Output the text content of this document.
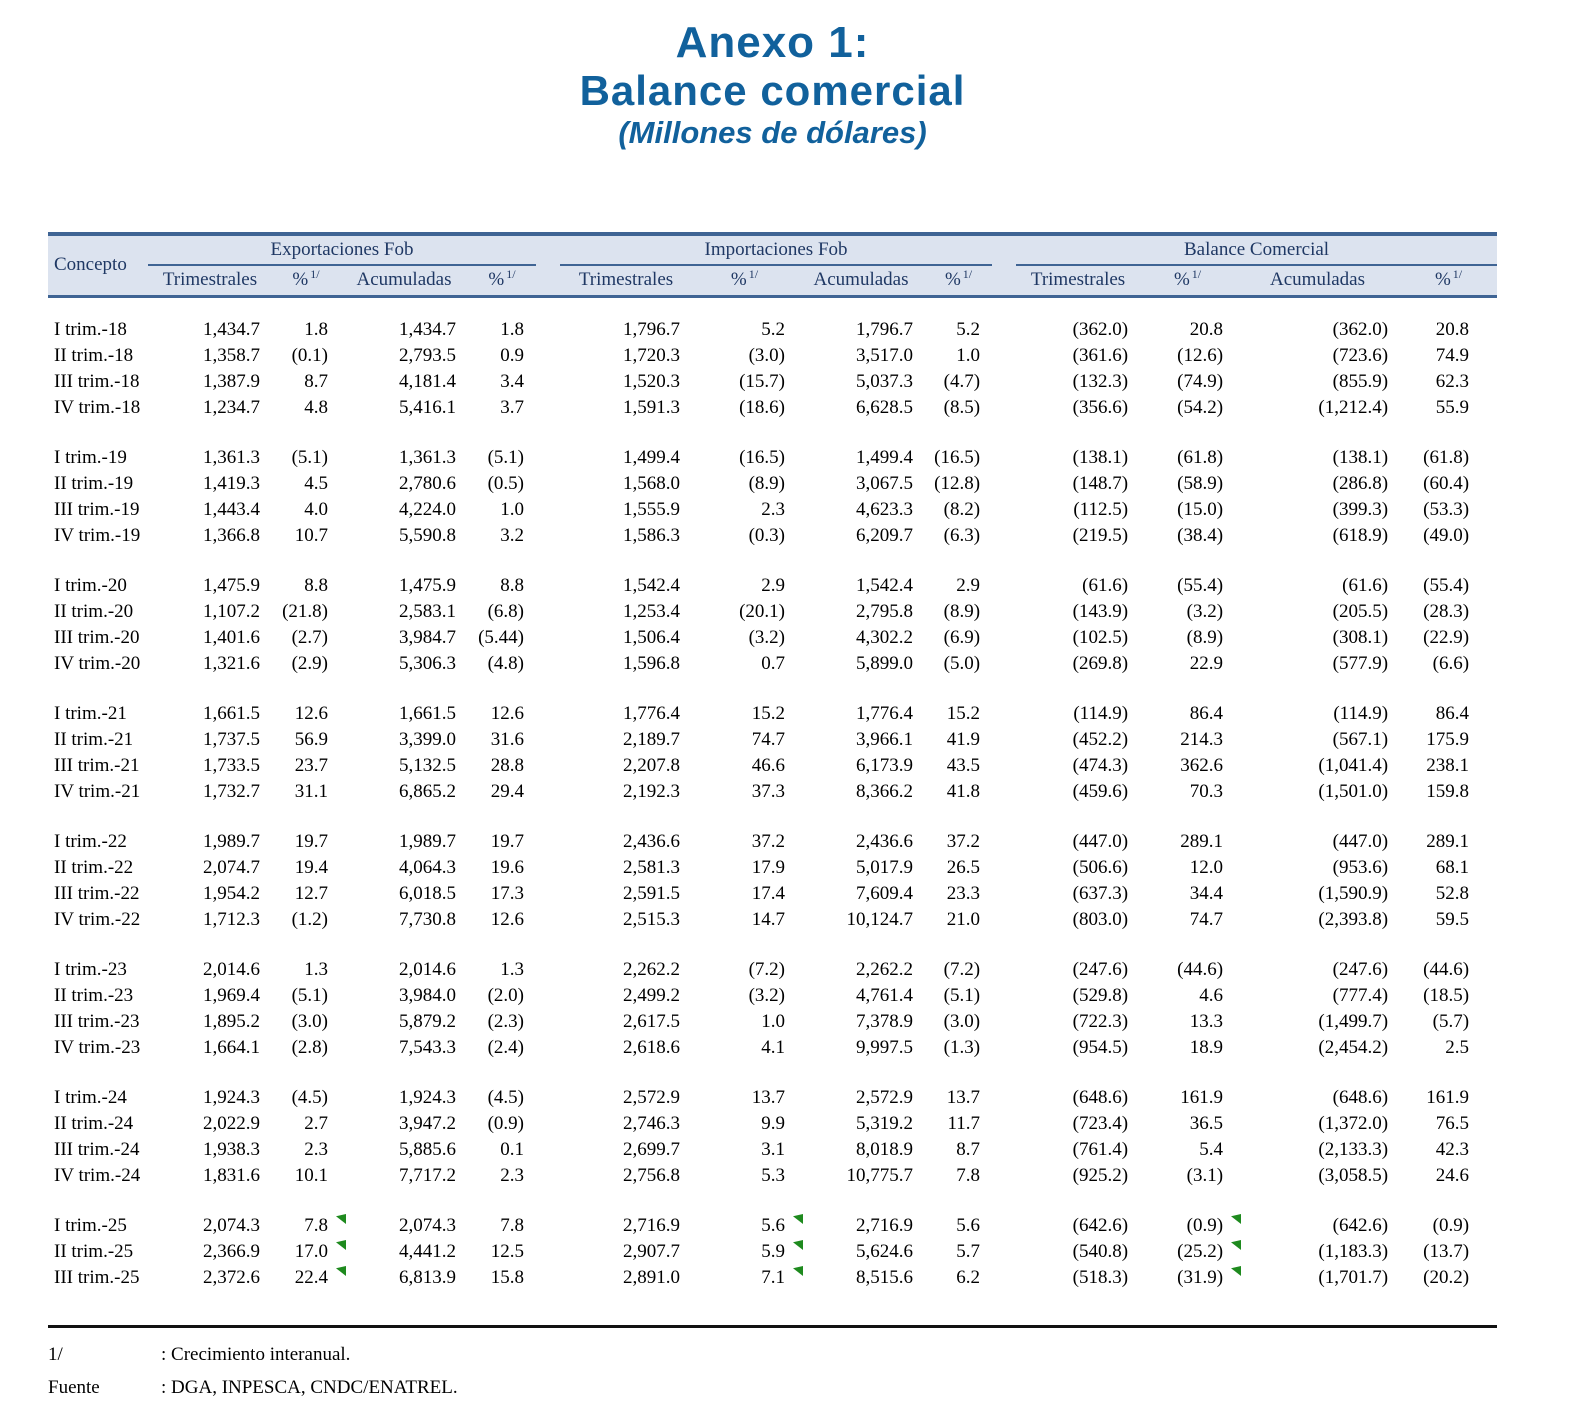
Anexo 1:
Balance comercial
(Millones de dólares)
Concepto	Exportaciones Fob					Importaciones Fob					Balance Comercial			
	Trimestrales	% $^{1/}$	Acumuladas	% $^{1/}$		Trimestrales	% $^{1/}$	Acumuladas	% $^{1/}$		Trimestrales	% $^{1/}$	Acumuladas	% $^{1/}$

I trim.-18	1,434.7	1.8	1,434.7	1.8		1,796.7	5.2	1,796.7	5.2		(362.0)	20.8	(362.0)	20.8
II trim.-18	1,358.7	(0.1)	2,793.5	0.9		1,720.3	(3.0)	3,517.0	1.0		(361.6)	(12.6)	(723.6)	74.9
III trim.-18	1,387.9	8.7	4,181.4	3.4		1,520.3	(15.7)	5,037.3	(4.7)		(132.3)	(74.9)	(855.9)	62.3
IV trim.-18	1,234.7	4.8	5,416.1	3.7		1,591.3	(18.6)	6,628.5	(8.5)		(356.6)	(54.2)	(1,212.4)	55.9

I trim.-19	1,361.3	(5.1)	1,361.3	(5.1)		1,499.4	(16.5)	1,499.4	(16.5)		(138.1)	(61.8)	(138.1)	(61.8)
II trim.-19	1,419.3	4.5	2,780.6	(0.5)		1,568.0	(8.9)	3,067.5	(12.8)		(148.7)	(58.9)	(286.8)	(60.4)
III trim.-19	1,443.4	4.0	4,224.0	1.0		1,555.9	2.3	4,623.3	(8.2)		(112.5)	(15.0)	(399.3)	(53.3)
IV trim.-19	1,366.8	10.7	5,590.8	3.2		1,586.3	(0.3)	6,209.7	(6.3)		(219.5)	(38.4)	(618.9)	(49.0)

I trim.-20	1,475.9	8.8	1,475.9	8.8		1,542.4	2.9	1,542.4	2.9		(61.6)	(55.4)	(61.6)	(55.4)
II trim.-20	1,107.2	(21.8)	2,583.1	(6.8)		1,253.4	(20.1)	2,795.8	(8.9)		(143.9)	(3.2)	(205.5)	(28.3)
III trim.-20	1,401.6	(2.7)	3,984.7	(5.44)		1,506.4	(3.2)	4,302.2	(6.9)		(102.5)	(8.9)	(308.1)	(22.9)
IV trim.-20	1,321.6	(2.9)	5,306.3	(4.8)		1,596.8	0.7	5,899.0	(5.0)		(269.8)	22.9	(577.9)	(6.6)

I trim.-21	1,661.5	12.6	1,661.5	12.6		1,776.4	15.2	1,776.4	15.2		(114.9)	86.4	(114.9)	86.4
II trim.-21	1,737.5	56.9	3,399.0	31.6		2,189.7	74.7	3,966.1	41.9		(452.2)	214.3	(567.1)	175.9
III trim.-21	1,733.5	23.7	5,132.5	28.8		2,207.8	46.6	6,173.9	43.5		(474.3)	362.6	(1,041.4)	238.1
IV trim.-21	1,732.7	31.1	6,865.2	29.4		2,192.3	37.3	8,366.2	41.8		(459.6)	70.3	(1,501.0)	159.8

I trim.-22	1,989.7	19.7	1,989.7	19.7		2,436.6	37.2	2,436.6	37.2		(447.0)	289.1	(447.0)	289.1
II trim.-22	2,074.7	19.4	4,064.3	19.6		2,581.3	17.9	5,017.9	26.5		(506.6)	12.0	(953.6)	68.1
III trim.-22	1,954.2	12.7	6,018.5	17.3		2,591.5	17.4	7,609.4	23.3		(637.3)	34.4	(1,590.9)	52.8
IV trim.-22	1,712.3	(1.2)	7,730.8	12.6		2,515.3	14.7	10,124.7	21.0		(803.0)	74.7	(2,393.8)	59.5

I trim.-23	2,014.6	1.3	2,014.6	1.3		2,262.2	(7.2)	2,262.2	(7.2)		(247.6)	(44.6)	(247.6)	(44.6)
II trim.-23	1,969.4	(5.1)	3,984.0	(2.0)		2,499.2	(3.2)	4,761.4	(5.1)		(529.8)	4.6	(777.4)	(18.5)
III trim.-23	1,895.2	(3.0)	5,879.2	(2.3)		2,617.5	1.0	7,378.9	(3.0)		(722.3)	13.3	(1,499.7)	(5.7)
IV trim.-23	1,664.1	(2.8)	7,543.3	(2.4)		2,618.6	4.1	9,997.5	(1.3)		(954.5)	18.9	(2,454.2)	2.5

I trim.-24	1,924.3	(4.5)	1,924.3	(4.5)		2,572.9	13.7	2,572.9	13.7		(648.6)	161.9	(648.6)	161.9
II trim.-24	2,022.9	2.7	3,947.2	(0.9)		2,746.3	9.9	5,319.2	11.7		(723.4)	36.5	(1,372.0)	76.5
III trim.-24	1,938.3	2.3	5,885.6	0.1		2,699.7	3.1	8,018.9	8.7		(761.4)	5.4	(2,133.3)	42.3
IV trim.-24	1,831.6	10.1	7,717.2	2.3		2,756.8	5.3	10,775.7	7.8		(925.2)	(3.1)	(3,058.5)	24.6

I trim.-25	2,074.3	7.8	2,074.3	7.8		2,716.9	5.6	2,716.9	5.6		(642.6)	(0.9)	(642.6)	(0.9)
II trim.-25	2,366.9	17.0	4,441.2	12.5		2,907.7	5.9	5,624.6	5.7		(540.8)	(25.2)	(1,183.3)	(13.7)
III trim.-25	2,372.6	22.4	6,813.9	15.8		2,891.0	7.1	8,515.6	6.2		(518.3)	(31.9)	(1,701.7)	(20.2)
1/	: Crecimiento interanual.
Fuente	: DGA, INPESCA, CNDC/ENATREL.
